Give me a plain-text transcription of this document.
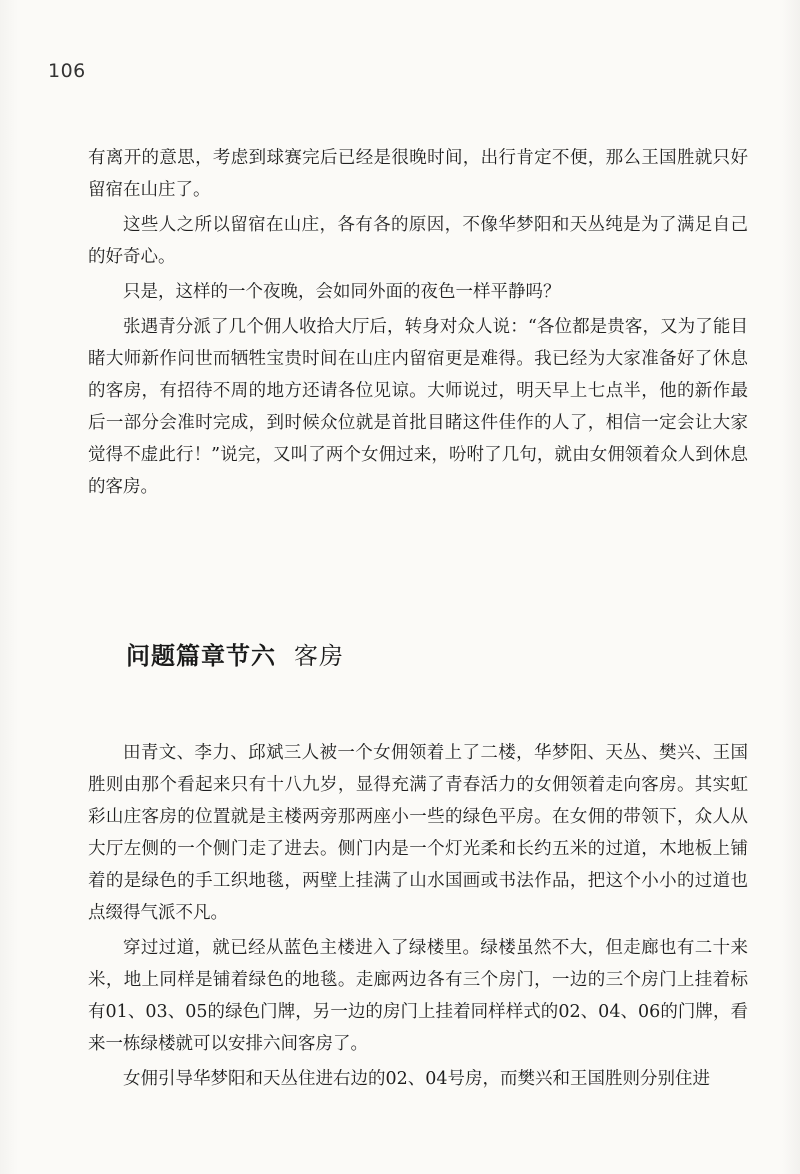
106

有离开的意思，考虑到球赛完后已经是很晚时间，出行肯定不便，那么王国胜就只好留宿在山庄了。

这些人之所以留宿在山庄，各有各的原因，不像华梦阳和天丛纯是为了满足自己的好奇心。

只是，这样的一个夜晚，会如同外面的夜色一样平静吗？

张遇青分派了几个佣人收拾大厅后，转身对众人说：“各位都是贵客，又为了能目睹大师新作问世而牺牲宝贵时间在山庄内留宿更是难得。我已经为大家准备好了休息的客房，有招待不周的地方还请各位见谅。大师说过，明天早上七点半，他的新作最后一部分会准时完成，到时候众位就是首批目睹这件佳作的人了，相信一定会让大家觉得不虚此行！”说完，又叫了两个女佣过来，吩咐了几句，就由女佣领着众人到休息的客房。

问题篇章节六 客房

田青文、李力、邱斌三人被一个女佣领着上了二楼，华梦阳、天丛、樊兴、王国胜则由那个看起来只有十八九岁，显得充满了青春活力的女佣领着走向客房。其实虹彩山庄客房的位置就是主楼两旁那两座小一些的绿色平房。在女佣的带领下，众人从大厅左侧的一个侧门走了进去。侧门内是一个灯光柔和长约五米的过道，木地板上铺着的是绿色的手工织地毯，两壁上挂满了山水国画或书法作品，把这个小小的过道也点缀得气派不凡。

穿过过道，就已经从蓝色主楼进入了绿楼里。绿楼虽然不大，但走廊也有二十来米，地上同样是铺着绿色的地毯。走廊两边各有三个房门，一边的三个房门上挂着标有01、03、05的绿色门牌，另一边的房门上挂着同样样式的02、04、06的门牌，看来一栋绿楼就可以安排六间客房了。

女佣引导华梦阳和天丛住进右边的02、04号房，而樊兴和王国胜则分别住进
